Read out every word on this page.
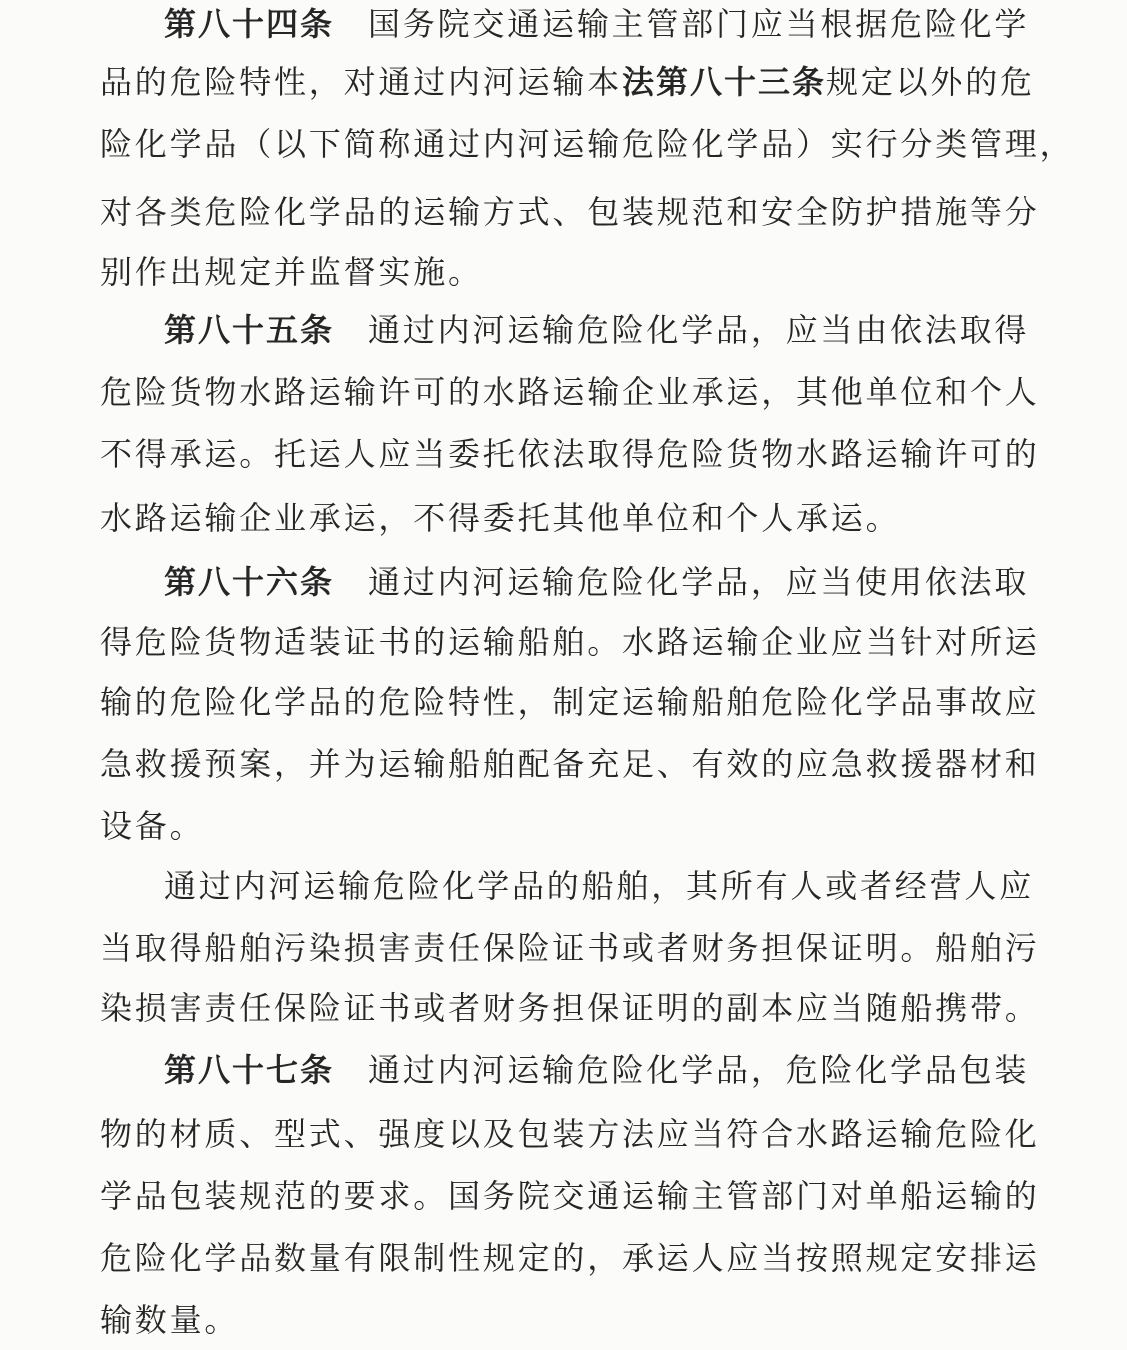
第八十四条 国务院交通运输主管部门应当根据危险化学
品的危险特性，对通过内河运输本法第八十三条规定以外的危
险化学品（以下简称通过内河运输危险化学品）实行分类管理，
对各类危险化学品的运输方式、包装规范和安全防护措施等分
别作出规定并监督实施。
第八十五条 通过内河运输危险化学品，应当由依法取得
危险货物水路运输许可的水路运输企业承运，其他单位和个人
不得承运。托运人应当委托依法取得危险货物水路运输许可的
水路运输企业承运，不得委托其他单位和个人承运。
第八十六条 通过内河运输危险化学品，应当使用依法取
得危险货物适装证书的运输船舶。水路运输企业应当针对所运
输的危险化学品的危险特性，制定运输船舶危险化学品事故应
急救援预案，并为运输船舶配备充足、有效的应急救援器材和
设备。
通过内河运输危险化学品的船舶，其所有人或者经营人应
当取得船舶污染损害责任保险证书或者财务担保证明。船舶污
染损害责任保险证书或者财务担保证明的副本应当随船携带。
第八十七条 通过内河运输危险化学品，危险化学品包装
物的材质、型式、强度以及包装方法应当符合水路运输危险化
学品包装规范的要求。国务院交通运输主管部门对单船运输的
危险化学品数量有限制性规定的，承运人应当按照规定安排运
输数量。
